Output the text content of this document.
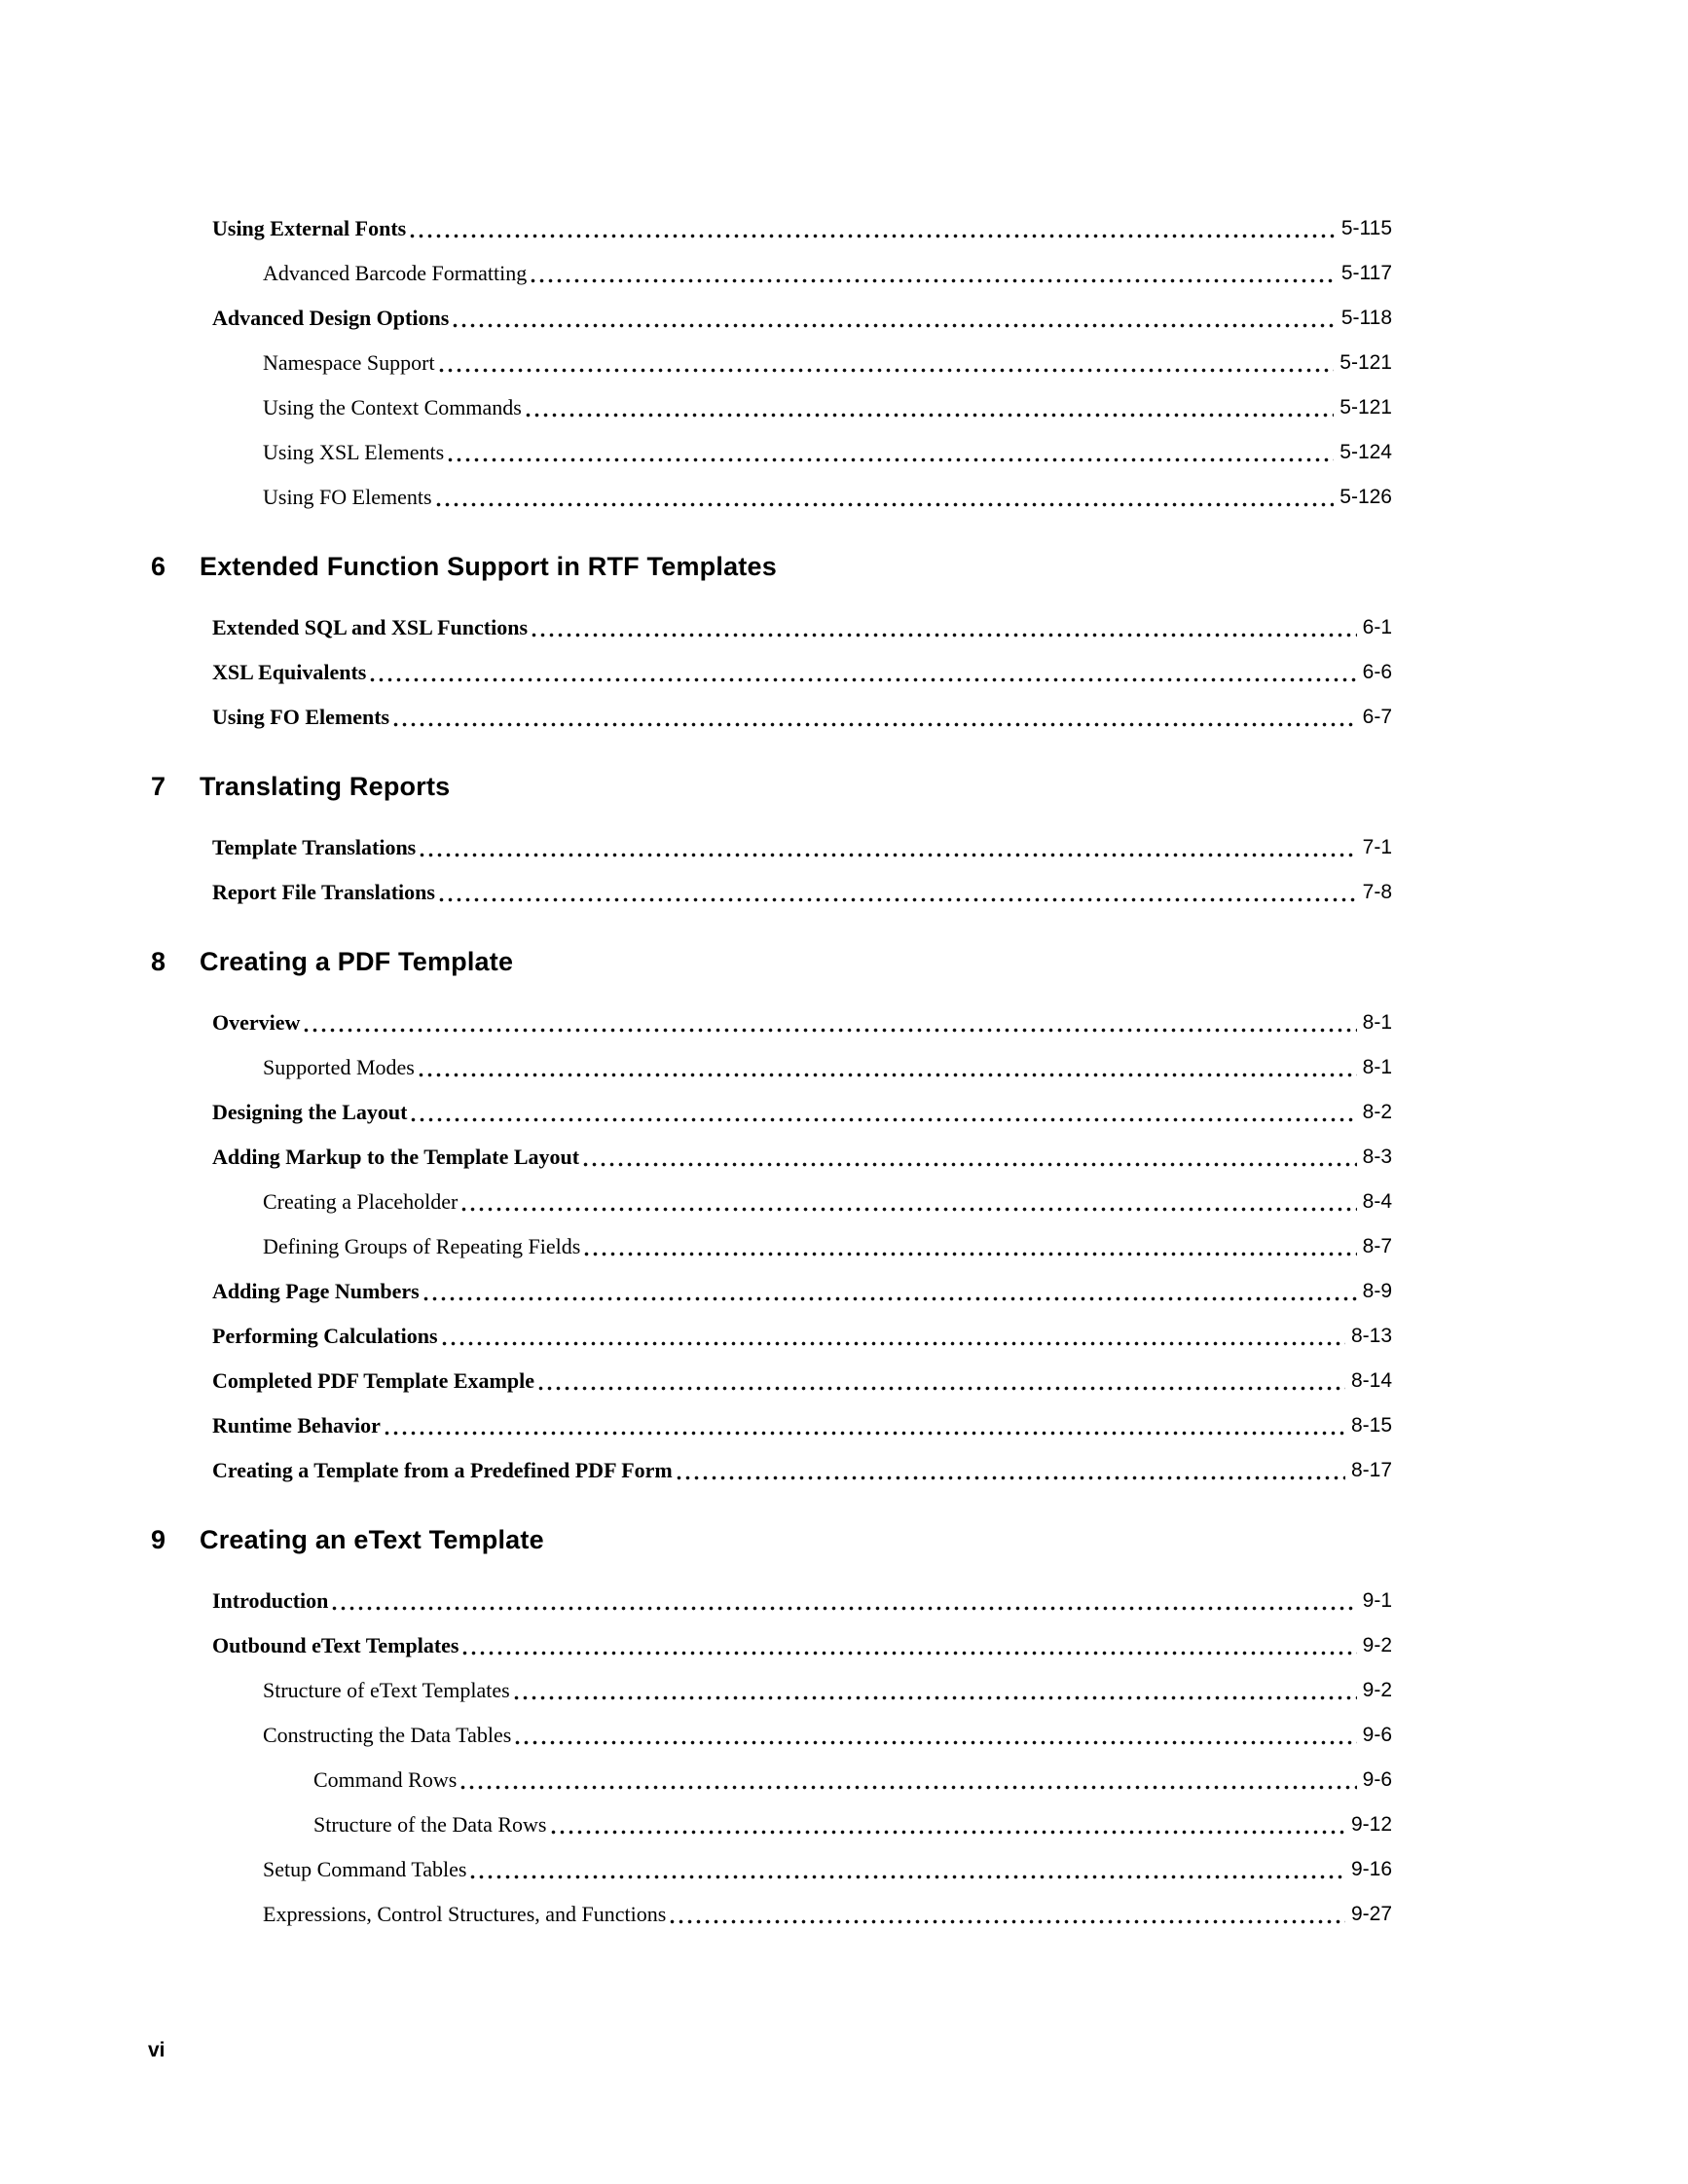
Using External Fonts	5-115
Advanced Barcode Formatting	5-117
Advanced Design Options	5-118
Namespace Support	5-121
Using the Context Commands	5-121
Using XSL Elements	5-124
Using FO Elements	5-126
6	Extended Function Support in RTF Templates
Extended SQL and XSL Functions	6-1
XSL Equivalents	6-6
Using FO Elements	6-7
7	Translating Reports
Template Translations	7-1
Report File Translations	7-8
8	Creating a PDF Template
Overview	8-1
Supported Modes	8-1
Designing the Layout	8-2
Adding Markup to the Template Layout	8-3
Creating a Placeholder	8-4
Defining Groups of Repeating Fields	8-7
Adding Page Numbers	8-9
Performing Calculations	8-13
Completed PDF Template Example	8-14
Runtime Behavior	8-15
Creating a Template from a Predefined PDF Form	8-17
9	Creating an eText Template
Introduction	9-1
Outbound eText Templates	9-2
Structure of eText Templates	9-2
Constructing the Data Tables	9-6
Command Rows	9-6
Structure of the Data Rows	9-12
Setup Command Tables	9-16
Expressions, Control Structures, and Functions	9-27
vi
